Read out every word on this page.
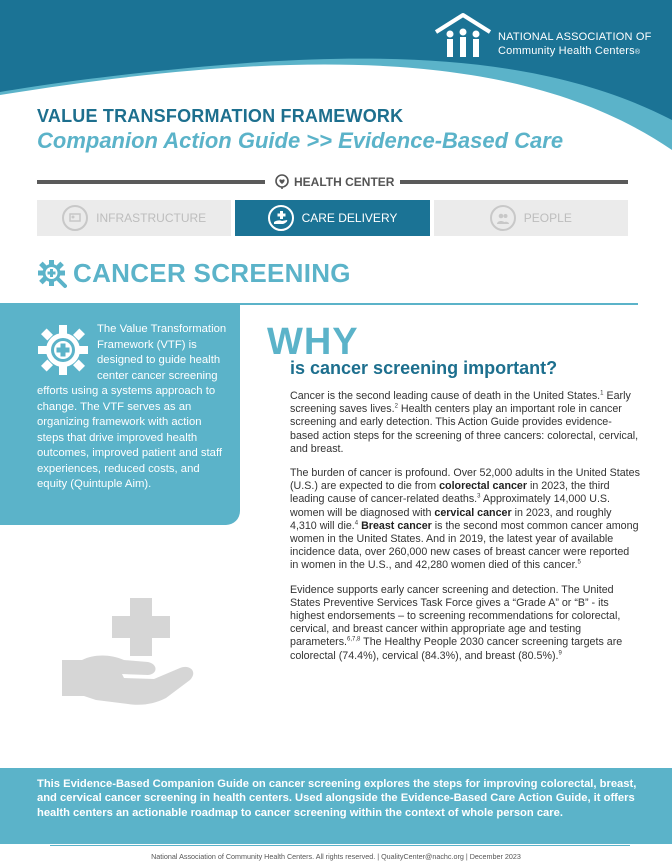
NATIONAL ASSOCIATION OF
Community Health Centers®
VALUE TRANSFORMATION FRAMEWORK
Companion Action Guide >> Evidence-Based Care
HEALTH CENTER
INFRASTRUCTURE	CARE DELIVERY	PEOPLE
CANCER SCREENING
The Value Transformation Framework (VTF) is designed to guide health center cancer screening efforts using a systems approach to change. The VTF serves as an organizing framework with action steps that drive improved health outcomes, improved patient and staff experiences, reduced costs, and equity (Quintuple Aim).
WHY
is cancer screening important?

Cancer is the second leading cause of death in the United States.$^1$ Early screening saves lives.$^2$ Health centers play an important role in cancer screening and early detection. This Action Guide provides evidence-based action steps for the screening of three cancers: colorectal, cervical, and breast.

The burden of cancer is profound. Over 52,000 adults in the United States (U.S.) are expected to die from colorectal cancer in 2023, the third leading cause of cancer-related deaths.$^3$ Approximately 14,000 U.S. women will be diagnosed with cervical cancer in 2023, and roughly 4,310 will die.$^4$ Breast cancer is the second most common cancer among women in the United States. And in 2019, the latest year of available incidence data, over 260,000 new cases of breast cancer were reported in women in the U.S., and 42,280 women died of this cancer.$^5$

Evidence supports early cancer screening and detection. The United States Preventive Services Task Force gives a “Grade A” or “B” - its highest endorsements – to screening recommendations for colorectal, cervical, and breast cancer within appropriate age and testing parameters.$^{6,7,8}$ The Healthy People 2030 cancer screening targets are colorectal (74.4%), cervical (84.3%), and breast (80.5%).$^9$

This Evidence-Based Companion Guide on cancer screening explores the steps for improving colorectal, breast, and cervical cancer screening in health centers. Used alongside the Evidence-Based Care Action Guide, it offers health centers an actionable roadmap to cancer screening within the context of whole person care.
National Association of Community Health Centers. All rights reserved. | QualityCenter@nachc.org | December 2023
